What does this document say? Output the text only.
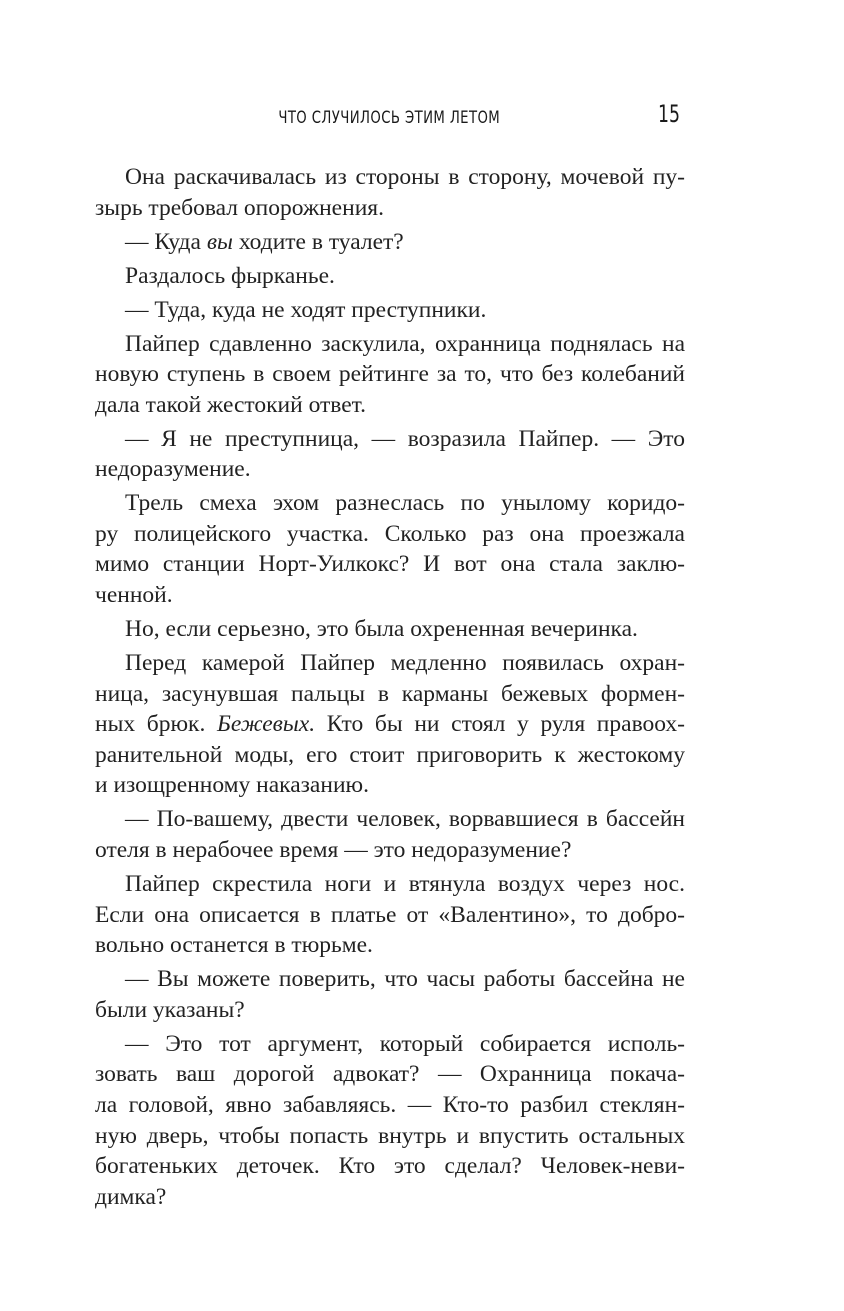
ЧТО СЛУЧИЛОСЬ ЭТИМ ЛЕТОМ	15
Она раскачивалась из стороны в сторону, мочевой пу-
зырь требовал опорожнения.
— Куда вы ходите в туалет?
Раздалось фырканье.
— Туда, куда не ходят преступники.
Пайпер сдавленно заскулила, охранница поднялась на
новую ступень в своем рейтинге за то, что без колебаний
дала такой жестокий ответ.
— Я не преступница, — возразила Пайпер. — Это
недоразумение.
Трель смеха эхом разнеслась по унылому коридо-
ру полицейского участка. Сколько раз она проезжала
мимо станции Норт-Уилкокс? И вот она стала заклю-
ченной.
Но, если серьезно, это была охрененная вечеринка.
Перед камерой Пайпер медленно появилась охран-
ница, засунувшая пальцы в карманы бежевых формен-
ных брюк. Бежевых. Кто бы ни стоял у руля правоох-
ранительной моды, его стоит приговорить к жестокому
и изощренному наказанию.
— По-вашему, двести человек, ворвавшиеся в бассейн
отеля в нерабочее время — это недоразумение?
Пайпер скрестила ноги и втянула воздух через нос.
Если она описается в платье от «Валентино», то добро-
вольно останется в тюрьме.
— Вы можете поверить, что часы работы бассейна не
были указаны?
— Это тот аргумент, который собирается исполь-
зовать ваш дорогой адвокат? — Охранница покача-
ла головой, явно забавляясь. — Кто-то разбил стеклян-
ную дверь, чтобы попасть внутрь и впустить остальных
богатеньких деточек. Кто это сделал? Человек-неви-
димка?
